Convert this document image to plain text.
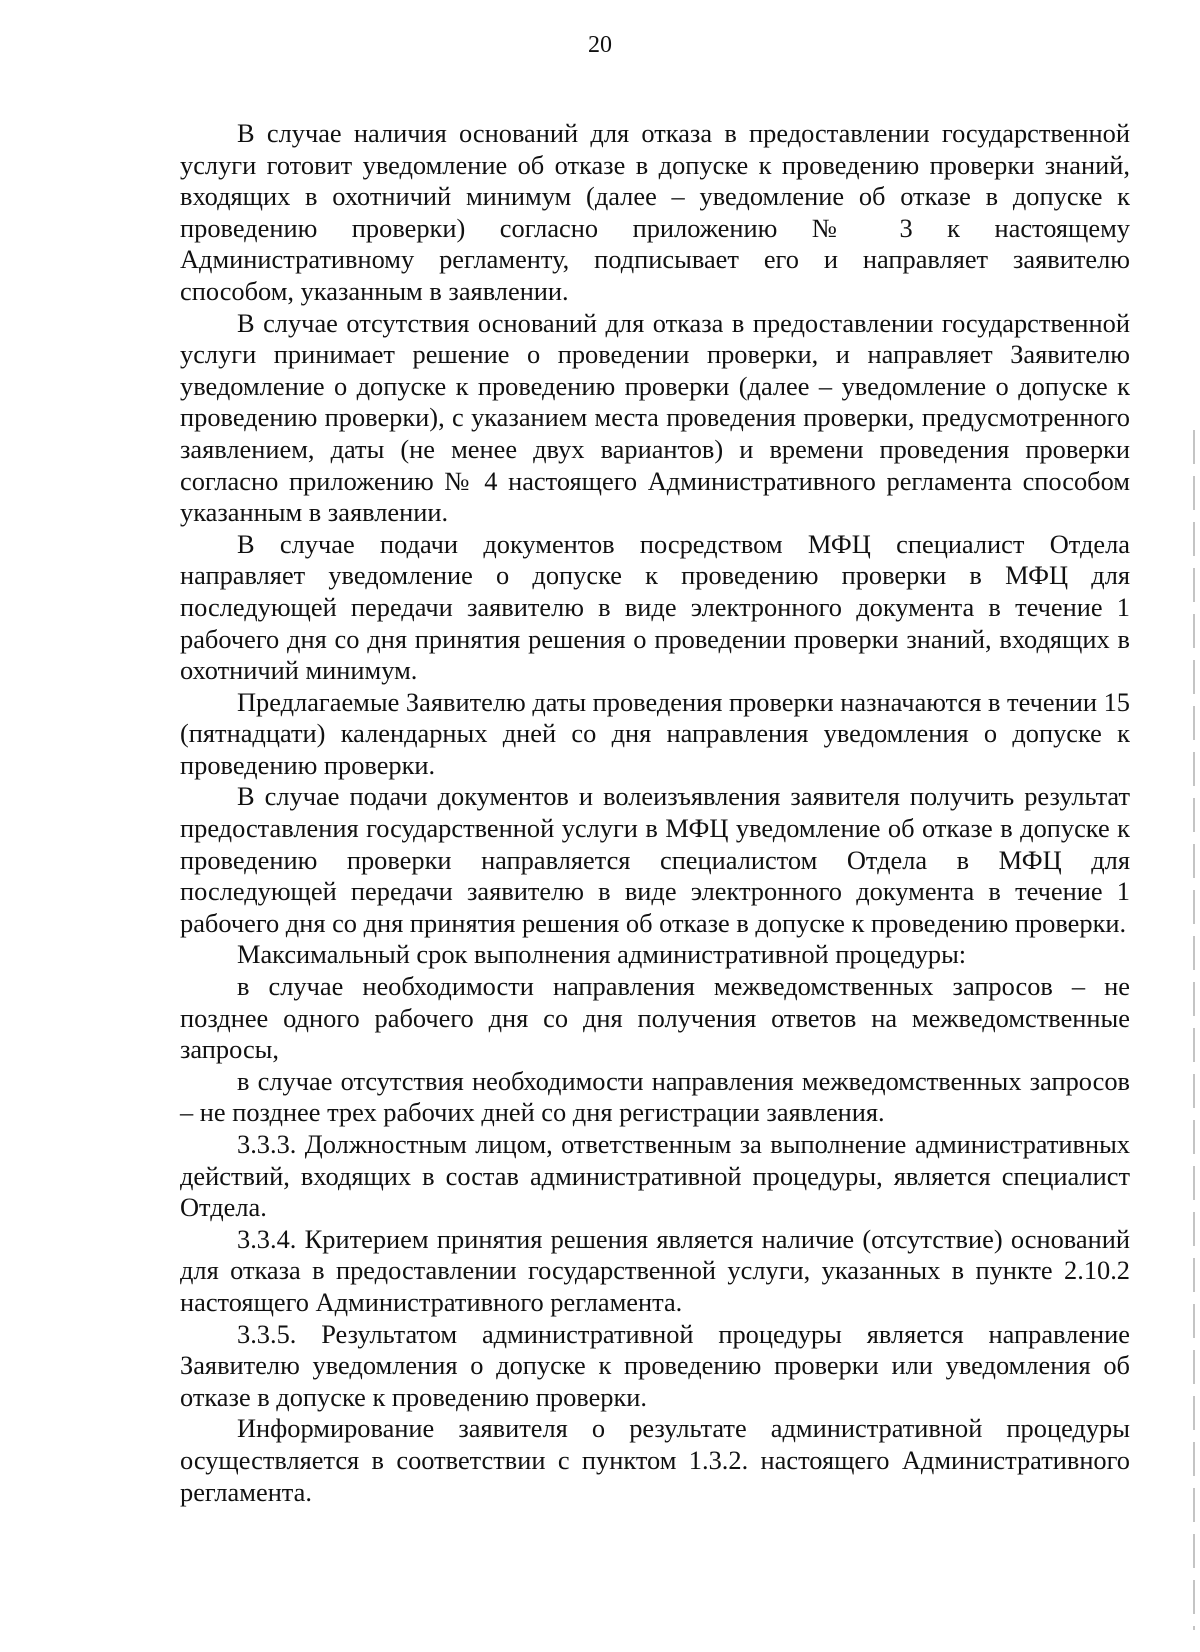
20

В случае наличия оснований для отказа в предоставлении государственной услуги готовит уведомление об отказе в допуске к проведению проверки знаний, входящих в охотничий минимум (далее – уведомление об отказе в допуске к проведению проверки) согласно приложению № 3 к настоящему Административному регламенту, подписывает его и направляет заявителю способом, указанным в заявлении.

В случае отсутствия оснований для отказа в предоставлении государственной услуги принимает решение о проведении проверки, и направляет Заявителю уведомление о допуске к проведению проверки (далее – уведомление о допуске к проведению проверки), с указанием места проведения проверки, предусмотренного заявлением, даты (не менее двух вариантов) и времени проведения проверки согласно приложению № 4 настоящего Административного регламента способом указанным в заявлении.

В случае подачи документов посредством МФЦ специалист Отдела направляет уведомление о допуске к проведению проверки в МФЦ для последующей передачи заявителю в виде электронного документа в течение 1 рабочего дня со дня принятия решения о проведении проверки знаний, входящих в охотничий минимум.

Предлагаемые Заявителю даты проведения проверки назначаются в течении 15 (пятнадцати) календарных дней со дня направления уведомления о допуске к проведению проверки.

В случае подачи документов и волеизъявления заявителя получить результат предоставления государственной услуги в МФЦ уведомление об отказе в допуске к проведению проверки направляется специалистом Отдела в МФЦ для последующей передачи заявителю в виде электронного документа в течение 1 рабочего дня со дня принятия решения об отказе в допуске к проведению проверки.

Максимальный срок выполнения административной процедуры:

в случае необходимости направления межведомственных запросов – не позднее одного рабочего дня со дня получения ответов на межведомственные запросы,

в случае отсутствия необходимости направления межведомственных запросов – не позднее трех рабочих дней со дня регистрации заявления.

3.3.3. Должностным лицом, ответственным за выполнение административных действий, входящих в состав административной процедуры, является специалист Отдела.

3.3.4. Критерием принятия решения является наличие (отсутствие) оснований для отказа в предоставлении государственной услуги, указанных в пункте 2.10.2 настоящего Административного регламента.

3.3.5. Результатом административной процедуры является направление Заявителю уведомления о допуске к проведению проверки или уведомления об отказе в допуске к проведению проверки.

Информирование заявителя о результате административной процедуры осуществляется в соответствии с пунктом 1.3.2. настоящего Административного регламента.
